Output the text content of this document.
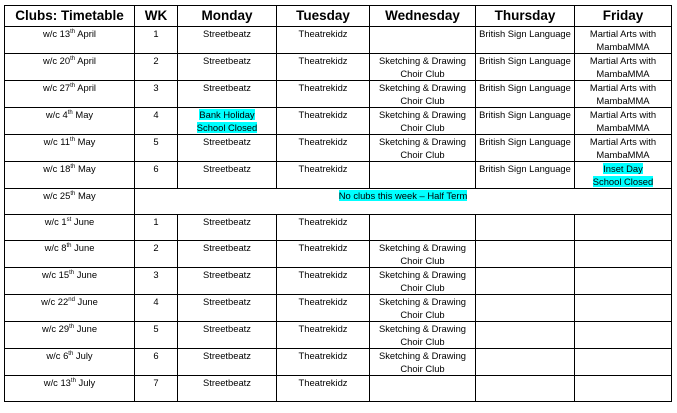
Clubs: Timetable	WK	Monday	Tuesday	Wednesday	Thursday	Friday
w/c 13th April	1	Streetbeatz	Theatrekidz		British Sign Language	Martial Arts with MambaMMA
w/c 20th April	2	Streetbeatz	Theatrekidz	Sketching & Drawing Choir Club	British Sign Language	Martial Arts with MambaMMA
w/c 27th April	3	Streetbeatz	Theatrekidz	Sketching & Drawing Choir Club	British Sign Language	Martial Arts with MambaMMA
w/c 4th May	4	Bank Holiday
School Closed	Theatrekidz	Sketching & Drawing Choir Club	British Sign Language	Martial Arts with MambaMMA
w/c 11th May	5	Streetbeatz	Theatrekidz	Sketching & Drawing Choir Club	British Sign Language	Martial Arts with MambaMMA
w/c 18th May	6	Streetbeatz	Theatrekidz		British Sign Language	Inset Day
School Closed
w/c 25th May	No clubs this week – Half Term					
w/c 1st June	1	Streetbeatz	Theatrekidz			
w/c 8th June	2	Streetbeatz	Theatrekidz	Sketching & Drawing Choir Club		
w/c 15th June	3	Streetbeatz	Theatrekidz	Sketching & Drawing Choir Club		
w/c 22nd June	4	Streetbeatz	Theatrekidz	Sketching & Drawing Choir Club		
w/c 29th June	5	Streetbeatz	Theatrekidz	Sketching & Drawing Choir Club		
w/c 6th July	6	Streetbeatz	Theatrekidz	Sketching & Drawing Choir Club		
w/c 13th July	7	Streetbeatz	Theatrekidz			
